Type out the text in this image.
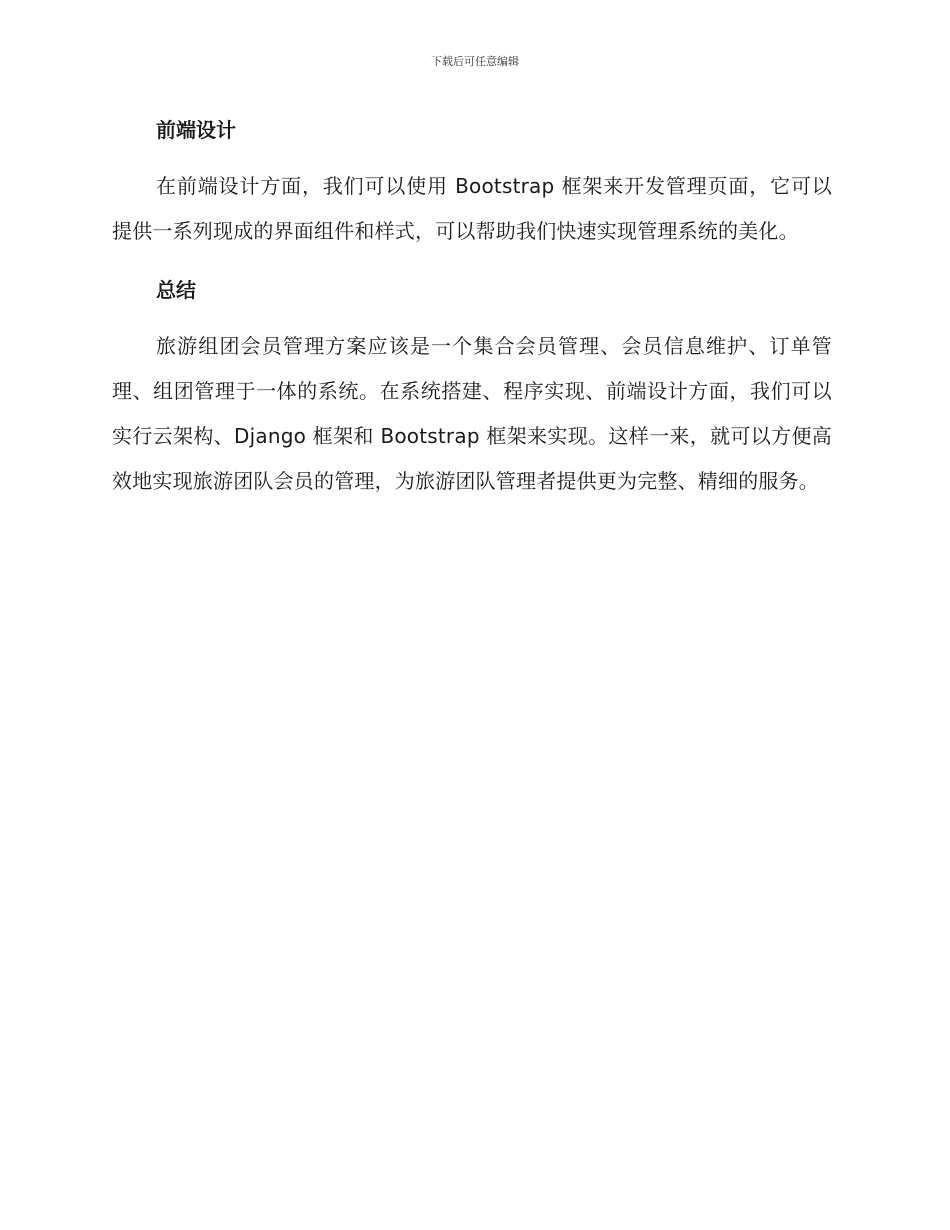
下载后可任意编辑
前端设计

在前端设计方面，我们可以使用 Bootstrap 框架来开发管理页面，它可以提供一系列现成的界面组件和样式，可以帮助我们快速实现管理系统的美化。

总结

旅游组团会员管理方案应该是一个集合会员管理、会员信息维护、订单管理、组团管理于一体的系统。在系统搭建、程序实现、前端设计方面，我们可以实行云架构、Django 框架和 Bootstrap 框架来实现。这样一来，就可以方便高效地实现旅游团队会员的管理，为旅游团队管理者提供更为完整、精细的服务。
